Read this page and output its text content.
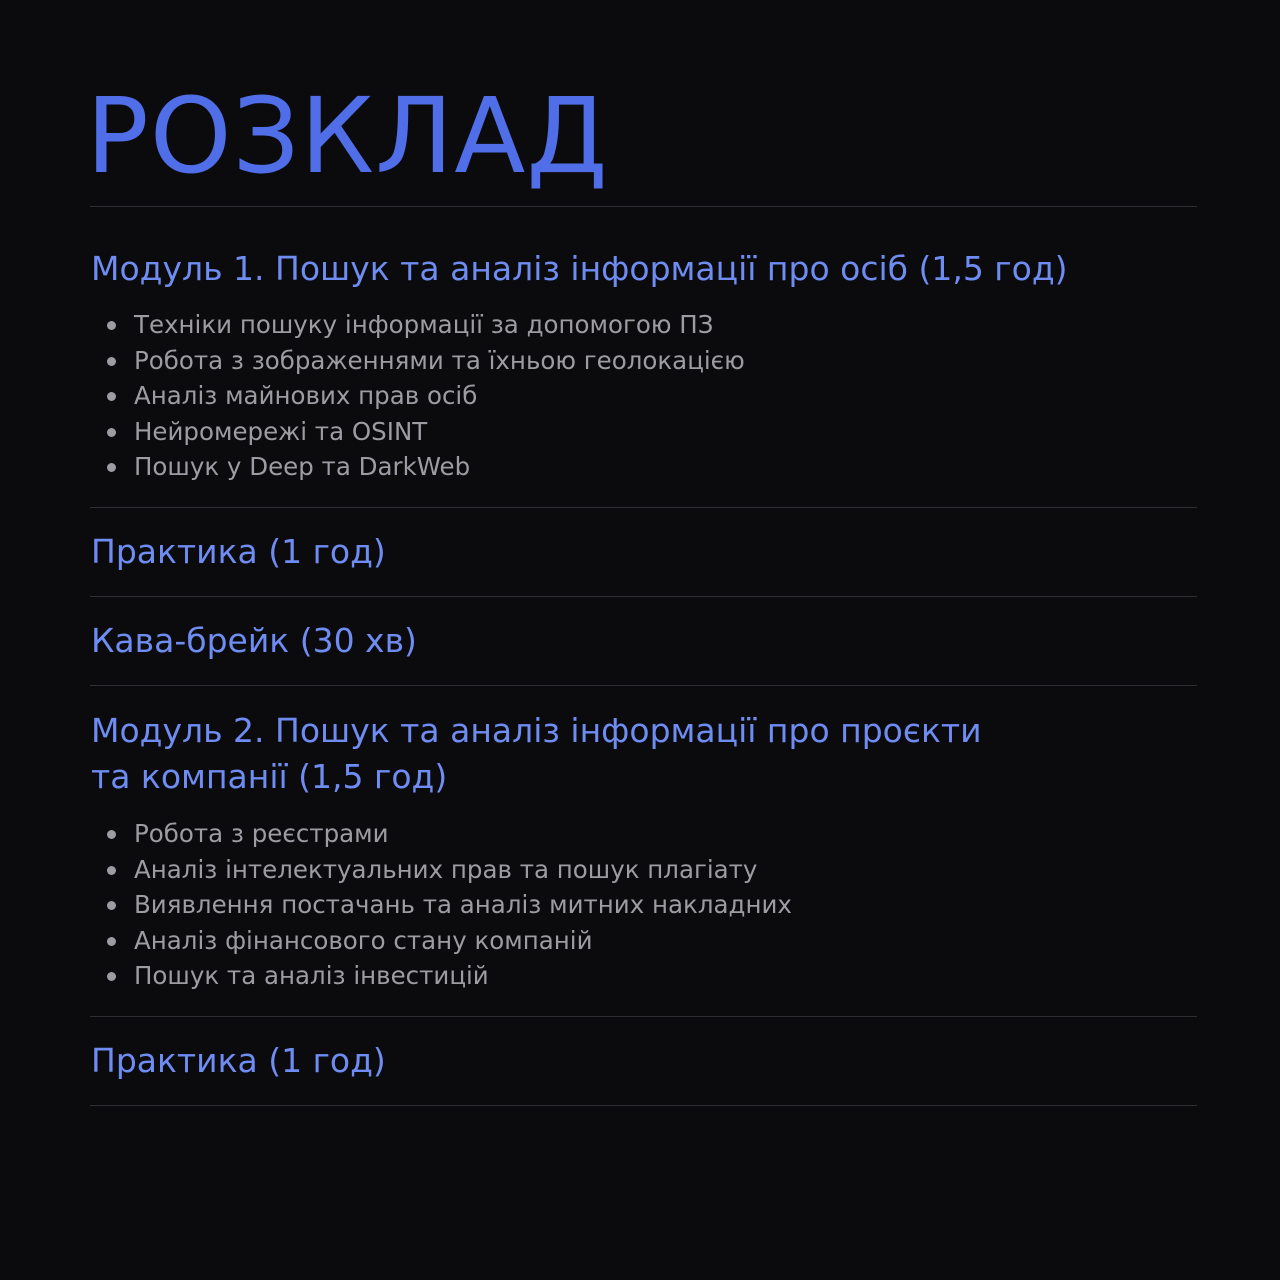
РОЗКЛАД
Модуль 1. Пошук та аналіз інформації про осіб (1,5 год)
Техніки пошуку інформації за допомогою ПЗ
Робота з зображеннями та їхньою геолокацією
Аналіз майнових прав осіб
Нейромережі та OSINT
Пошук у Deep та DarkWeb
Практика (1 год)
Кава-брейк (30 хв)
Модуль 2. Пошук та аналіз інформації про проєкти
та компанії (1,5 год)
Робота з реєстрами
Аналіз інтелектуальних прав та пошук плагіату
Виявлення постачань та аналіз митних накладних
Аналіз фінансового стану компаній
Пошук та аналіз інвестицій
Практика (1 год)
